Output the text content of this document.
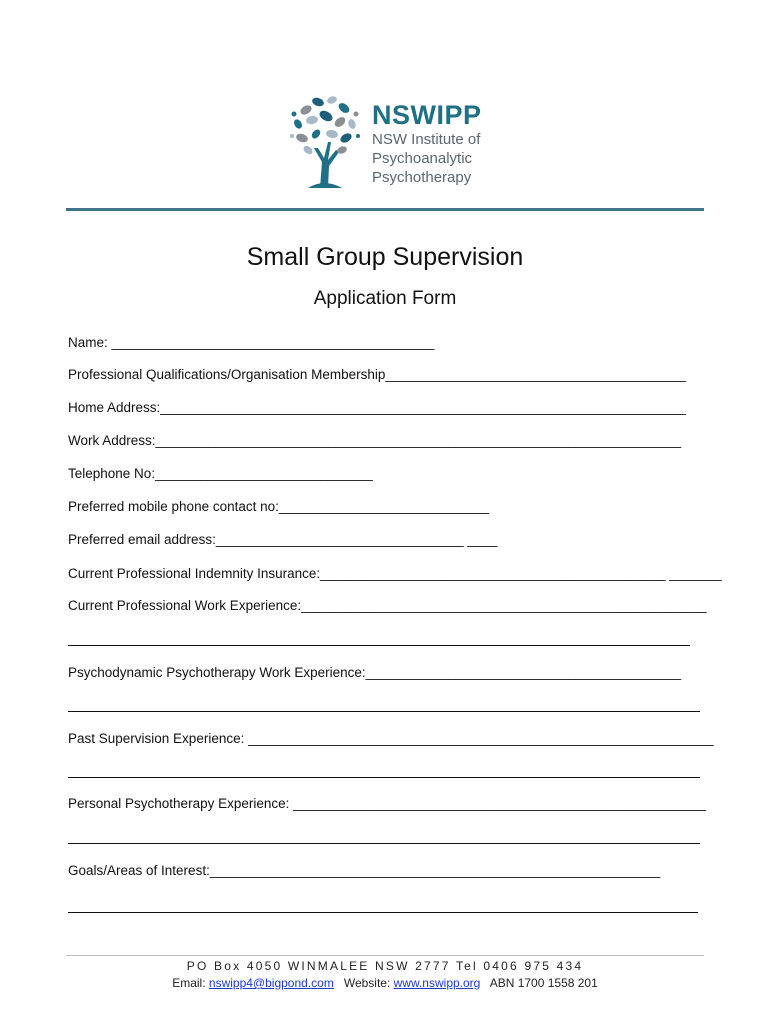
NSWIPP
NSW Institute of
Psychoanalytic
Psychotherapy
Small Group Supervision
Application Form
Name: ___________________________________________
Professional Qualifications/Organisation Membership________________________________________
Home Address:______________________________________________________________________
Work Address:______________________________________________________________________
Telephone No:_____________________________
Preferred mobile phone contact no:____________________________
Preferred email address:_________________________________ ____
Current Professional Indemnity Insurance:______________________________________________ _______
Current Professional Work Experience:______________________________________________________
Psychodynamic Psychotherapy Work Experience:__________________________________________
Past Supervision Experience: ______________________________________________________________
Personal Psychotherapy Experience: _______________________________________________________
Goals/Areas of Interest:____________________________________________________________
PO Box 4050 WINMALEE NSW 2777 Tel 0406 975 434
Email: nswipp4@bigpond.com Website: www.nswipp.org ABN 1700 1558 201
